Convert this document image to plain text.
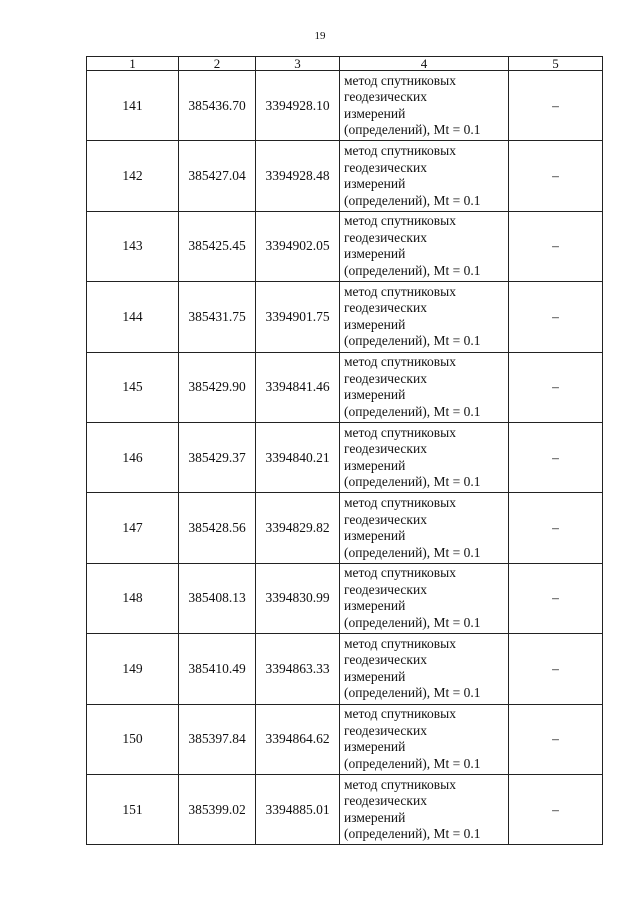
19
1	2	3	4	5
141	385436.70	3394928.10	метод спутниковых
геодезических
измерений
(определений), Mt = 0.1	–
142	385427.04	3394928.48	метод спутниковых
геодезических
измерений
(определений), Mt = 0.1	–
143	385425.45	3394902.05	метод спутниковых
геодезических
измерений
(определений), Mt = 0.1	–
144	385431.75	3394901.75	метод спутниковых
геодезических
измерений
(определений), Mt = 0.1	–
145	385429.90	3394841.46	метод спутниковых
геодезических
измерений
(определений), Mt = 0.1	–
146	385429.37	3394840.21	метод спутниковых
геодезических
измерений
(определений), Mt = 0.1	–
147	385428.56	3394829.82	метод спутниковых
геодезических
измерений
(определений), Mt = 0.1	–
148	385408.13	3394830.99	метод спутниковых
геодезических
измерений
(определений), Mt = 0.1	–
149	385410.49	3394863.33	метод спутниковых
геодезических
измерений
(определений), Mt = 0.1	–
150	385397.84	3394864.62	метод спутниковых
геодезических
измерений
(определений), Mt = 0.1	–
151	385399.02	3394885.01	метод спутниковых
геодезических
измерений
(определений), Mt = 0.1	–
